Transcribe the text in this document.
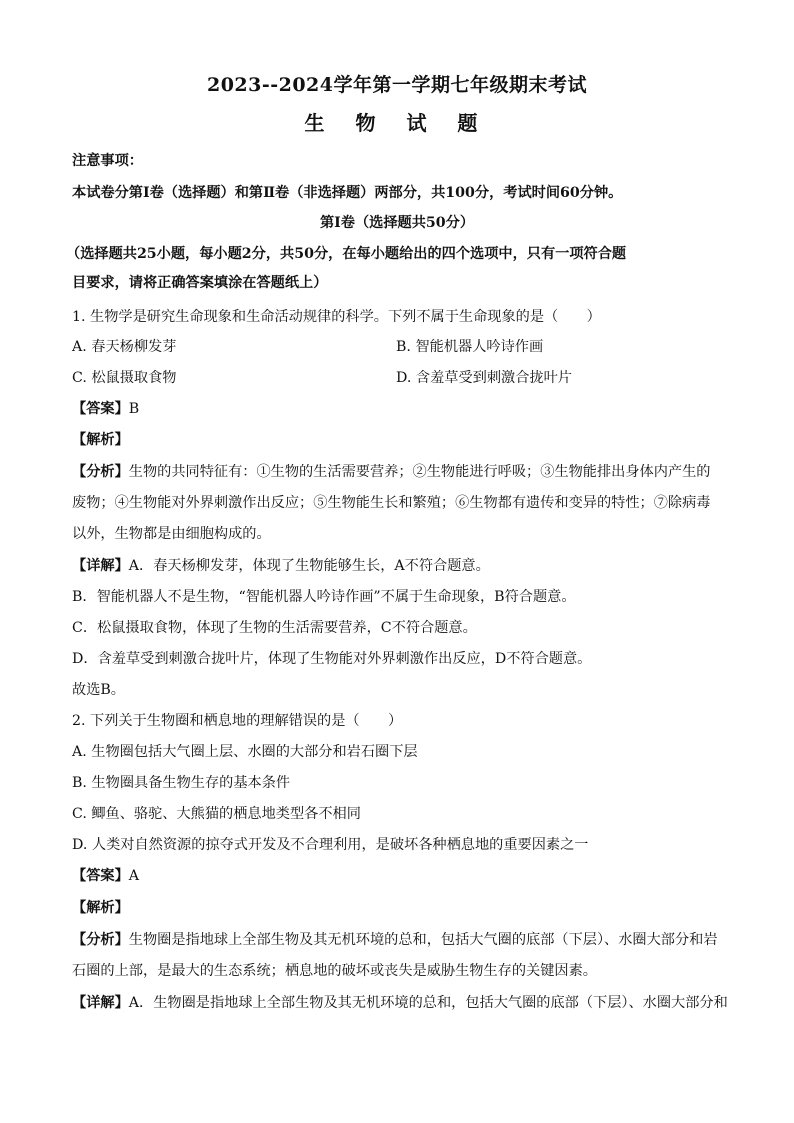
2023--2024学年第一学期七年级期末考试
生 物 试 题
注意事项：
本试卷分第Ⅰ卷（选择题）和第Ⅱ卷（非选择题）两部分，共100分，考试时间60分钟。
第Ⅰ卷（选择题共50分）
（选择题共25小题，每小题2分，共50分，在每小题给出的四个选项中，只有一项符合题
目要求，请将正确答案填涂在答题纸上）
1. 生物学是研究生命现象和生命活动规律的科学。下列不属于生命现象的是（　　）
A. 春天杨柳发芽	B. 智能机器人吟诗作画
C. 松鼠摄取食物	D. 含羞草受到刺激合拢叶片
【答案】B
【解析】
【分析】生物的共同特征有：①生物的生活需要营养；②生物能进行呼吸；③生物能排出身体内产生的
废物；④生物能对外界刺激作出反应；⑤生物能生长和繁殖；⑥生物都有遗传和变异的特性；⑦除病毒
以外，生物都是由细胞构成的。
【详解】A．春天杨柳发芽，体现了生物能够生长，A不符合题意。
B．智能机器人不是生物，“智能机器人吟诗作画”不属于生命现象，B符合题意。
C．松鼠摄取食物，体现了生物的生活需要营养，C不符合题意。
D．含羞草受到刺激合拢叶片，体现了生物能对外界刺激作出反应，D不符合题意。
故选B。
2. 下列关于生物圈和栖息地的理解错误的是（　　）
A. 生物圈包括大气圈上层、水圈的大部分和岩石圈下层
B. 生物圈具备生物生存的基本条件
C. 鲫鱼、骆驼、大熊猫的栖息地类型各不相同
D. 人类对自然资源的掠夺式开发及不合理利用，是破坏各种栖息地的重要因素之一
【答案】A
【解析】
【分析】生物圈是指地球上全部生物及其无机环境的总和，包括大气圈的底部（下层）、水圈大部分和岩
石圈的上部，是最大的生态系统；栖息地的破坏或丧失是威胁生物生存的关键因素。
【详解】A．生物圈是指地球上全部生物及其无机环境的总和，包括大气圈的底部（下层）、水圈大部分和
